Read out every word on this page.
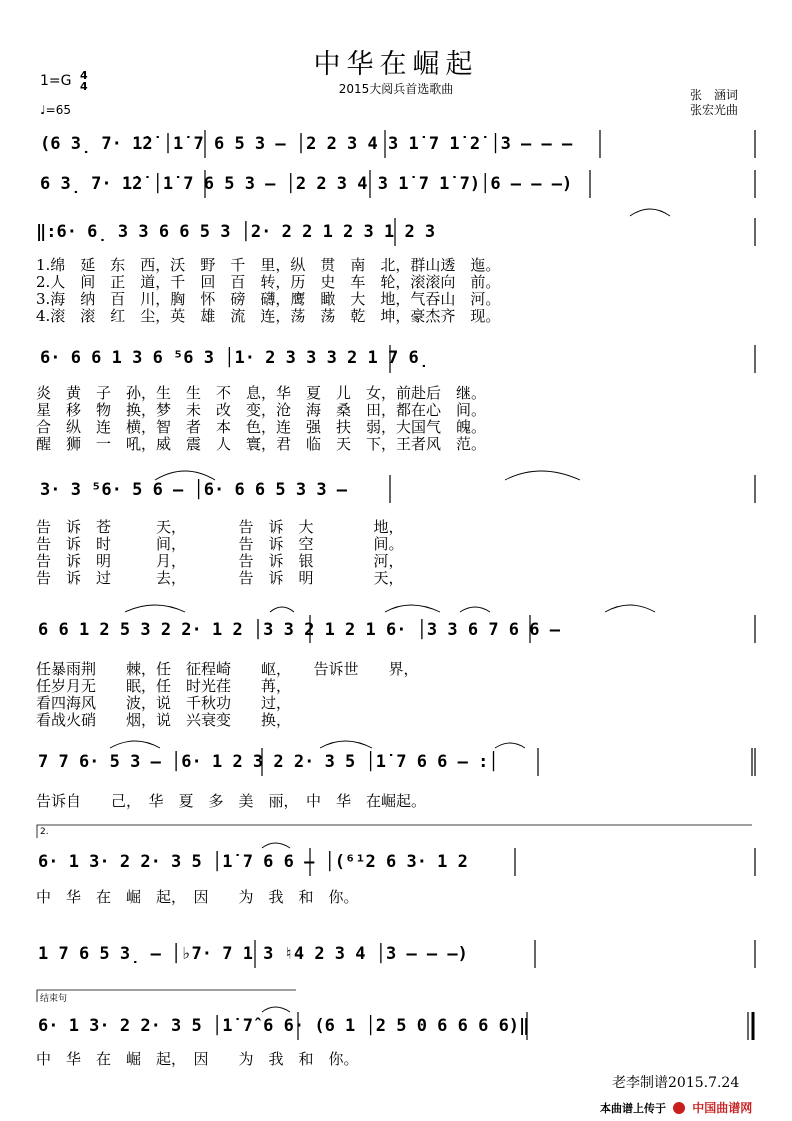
中华在崛起
2015大阅兵首选歌曲
1=G 4
4
♩=65
张　涵词
张宏光曲
(6 3̣ 7· 1̇2̇ │1̇ 7 6 5 3 – │2 2 3 4 3 1̇ 7 1̇ 2̇ │3 – – –
6 3̣ 7· 1̇2̇ │1̇ 7 6 5 3 – │2 2 3 4 3 1̇ 7 1̇ 7)│6 – – –)
‖:6· 6̣ 3 3 6 6 5 3 │2· 2 2 1 2 3 1 2 3
1.绵　延　东　西，沃　野　千　里，纵　贯　南　北，群山透　迤。
2.人　间　正　道，千　回　百　转，历　史　车　轮，滚滚向　前。
3.海　纳　百　川，胸　怀　磅　礴，鹰　瞰　大　地，气吞山　河。
4.滚　滚　红　尘，英　雄　流　连，荡　荡　乾　坤，豪杰齐　现。
6· 6 6 1 3 6 ⁵6 3 │1· 2 3 3 3 2 1 7 6̣
炎　黄　子　孙，生　生　不　息，华　夏　儿　女，前赴后　继。
星　移　物　换，梦　未　改　变，沧　海　桑　田，都在心　间。
合　纵　连　横，智　者　本　色，连　强　扶　弱，大国气　魄。
醒　狮　一　吼，威　震　人　寰，君　临　天　下，王者风　范。
3· 3 ⁵6· 5 6 – │6· 6 6 5 3 3 –
告　诉　苍　　　天，　　　　告　诉　大　　　　地，
告　诉　时　　　间，　　　　告　诉　空　　　　间。
告　诉　明　　　月，　　　　告　诉　银　　　　河，
告　诉　过　　　去，　　　　告　诉　明　　　　天，
6 6 1 2 5 3 2 2· 1 2 │3 3 2 1 2 1 6· │3 3 6 7 6 6 –
任暴雨荆　　棘，任　征程崎　　岖，　　告诉世　　界，
任岁月无　　眠，任　时光荏　　苒，
看四海风　　波，说　千秋功　　过，
看战火硝　　烟，说　兴衰变　　换，
7 7 6· 5 3 – │6· 1 2 3 2 2· 3 5 │1̇ 7 6 6 – :│
告诉自　　己，　华　夏　多　美　丽，　中　华　在崛起。
2.
6· 1 3· 2 2· 3 5 │1̇ 7 6 6 – │(⁶¹2 6 3· 1 2
中　华　在　崛　起，　因　　为　我　和　你。
1 7 6 5 3̣ – │♭7· 7 1 3 ♮4 2 3 4 │3 – – –)
结束句
6· 1 3· 2 2· 3 5 │1̇ 7̂ 6 6· (6 1 │2 5 0 6 6 6 6)‖
中　华　在　崛　起，　因　　为　我　和　你。
老李制谱2015.7.24
本曲谱上传于 中国曲谱网
